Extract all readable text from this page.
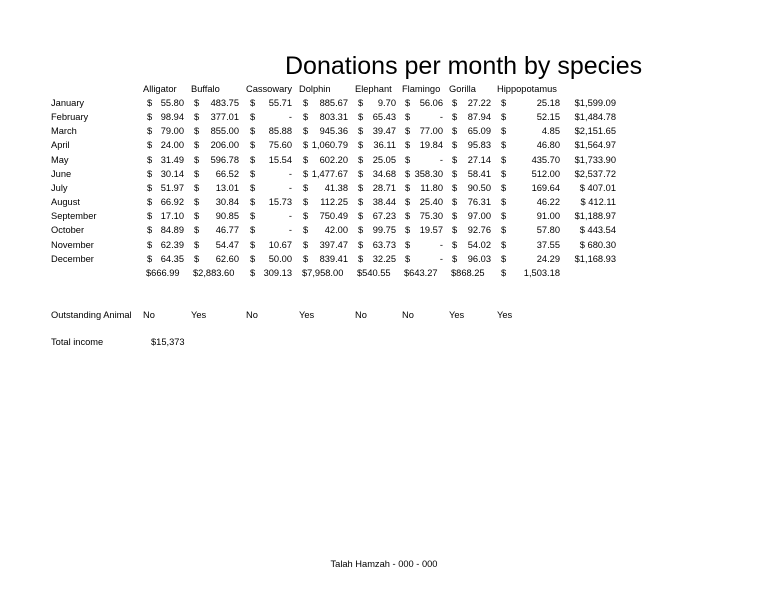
Donations per month by species
Alligator Buffalo	Cassowary Dolphin	Elephant Flamingo Gorilla Hippopotamus
January	$ 55.80 $	483.75 $	55.71 $	885.67 $	9.70 $	56.06 $	27.22 $	25.18	$1,599.09
February	$ 98.94 $	377.01 $	- $	803.31 $	65.43 $	- $	87.94 $	52.15	$1,484.78
March	$ 79.00 $	855.00 $	85.88 $	945.36 $	39.47 $	77.00 $	65.09 $	4.85	$2,151.65
April	$ 24.00 $	206.00 $	75.60 $ 1,060.79 $	36.11 $	19.84 $	95.83 $	46.80	$1,564.97
May	$ 31.49 $	596.78 $	15.54 $	602.20 $	25.05 $	- $	27.14 $	435.70	$1,733.90
June	$ 30.14 $	66.52 $	- $ 1,477.67 $	34.68 $ 358.30 $	58.41 $	512.00	$2,537.72
July	$ 51.97 $	13.01 $	- $	41.38 $	28.71 $	11.80 $	90.50 $	169.64	$ 407.01
August	$ 66.92 $	30.84 $	15.73 $	112.25 $	38.44 $	25.40 $	76.31 $	46.22	$ 412.11
September	$ 17.10 $	90.85 $	- $	750.49 $	67.23 $	75.30 $	97.00 $	91.00	$1,188.97
October	$ 84.89 $	46.77 $	- $	42.00 $	99.75 $	19.57 $	92.76 $	57.80	$ 443.54
November	$ 62.39 $	54.47 $	10.67 $	397.47 $	63.73 $	- $	54.02 $	37.55	$ 680.30
December	$ 64.35 $	62.60 $	50.00 $	839.41 $	32.25 $	- $	96.03 $	24.29	$1,168.93
$666.99 $2,883.60 $ 309.13 $7,958.00 $540.55 $643.27 $868.25 $	1,503.18
Outstanding Animal No	Yes	No	Yes	No	No	Yes	Yes
Total income	$15,373
Talah Hamzah - 000 - 000
